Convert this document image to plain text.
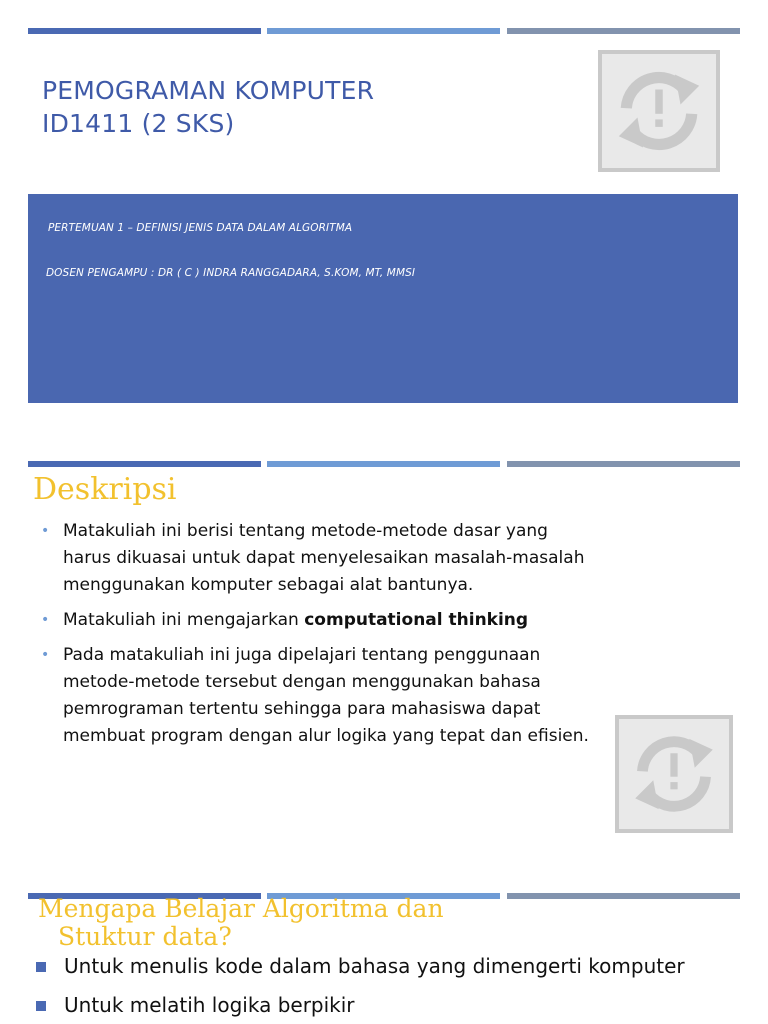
PEMOGRAMAN KOMPUTER
ID1411 (2 SKS)
PERTEMUAN 1 – DEFINISI JENIS DATA DALAM ALGORITMA
DOSEN PENGAMPU : DR ( C ) INDRA RANGGADARA, S.KOM, MT, MMSI
Deskripsi
• Matakuliah ini berisi tentang metode-metode dasar yang harus dikuasai untuk dapat menyelesaikan masalah-masalah menggunakan komputer sebagai alat bantunya.
• Matakuliah ini mengajarkan computational thinking
• Pada matakuliah ini juga dipelajari tentang penggunaan metode-metode tersebut dengan menggunakan bahasa pemrograman tertentu sehingga para mahasiswa dapat membuat program dengan alur logika yang tepat dan efisien.
Mengapa Belajar Algoritma dan
Stuktur data?
Untuk menulis kode dalam bahasa yang dimengerti komputer
Untuk melatih logika berpikir
